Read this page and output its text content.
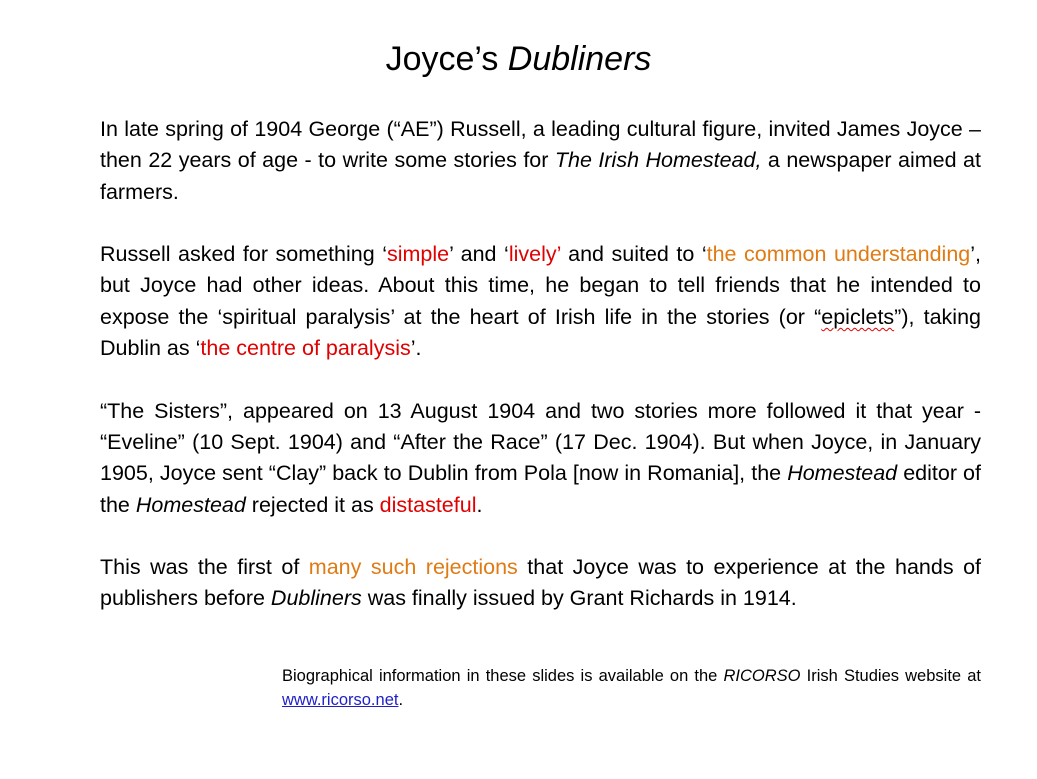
Joyce’s Dubliners

In late spring of 1904 George (“AE”) Russell, a leading cultural figure, invited James Joyce – then 22 years of age - to write some stories for The Irish Homestead, a newspaper aimed at farmers.

Russell asked for something ‘simple’ and ‘lively’ and suited to ‘the common understanding’, but Joyce had other ideas. About this time, he began to tell friends that he intended to expose the ‘spiritual paralysis’ at the heart of Irish life in the stories (or “epiclets”), taking Dublin as ‘the centre of paralysis’.

“The Sisters”, appeared on 13 August 1904 and two stories more followed it that year - “Eveline” (10 Sept. 1904) and “After the Race” (17 Dec. 1904). But when Joyce, in January 1905, Joyce sent “Clay” back to Dublin from Pola [now in Romania], the Homestead editor of the Homestead rejected it as distasteful.

This was the first of many such rejections that Joyce was to experience at the hands of publishers before Dubliners was finally issued by Grant Richards in 1914.

Biographical information in these slides is available on the RICORSO Irish Studies website at www.ricorso.net.
